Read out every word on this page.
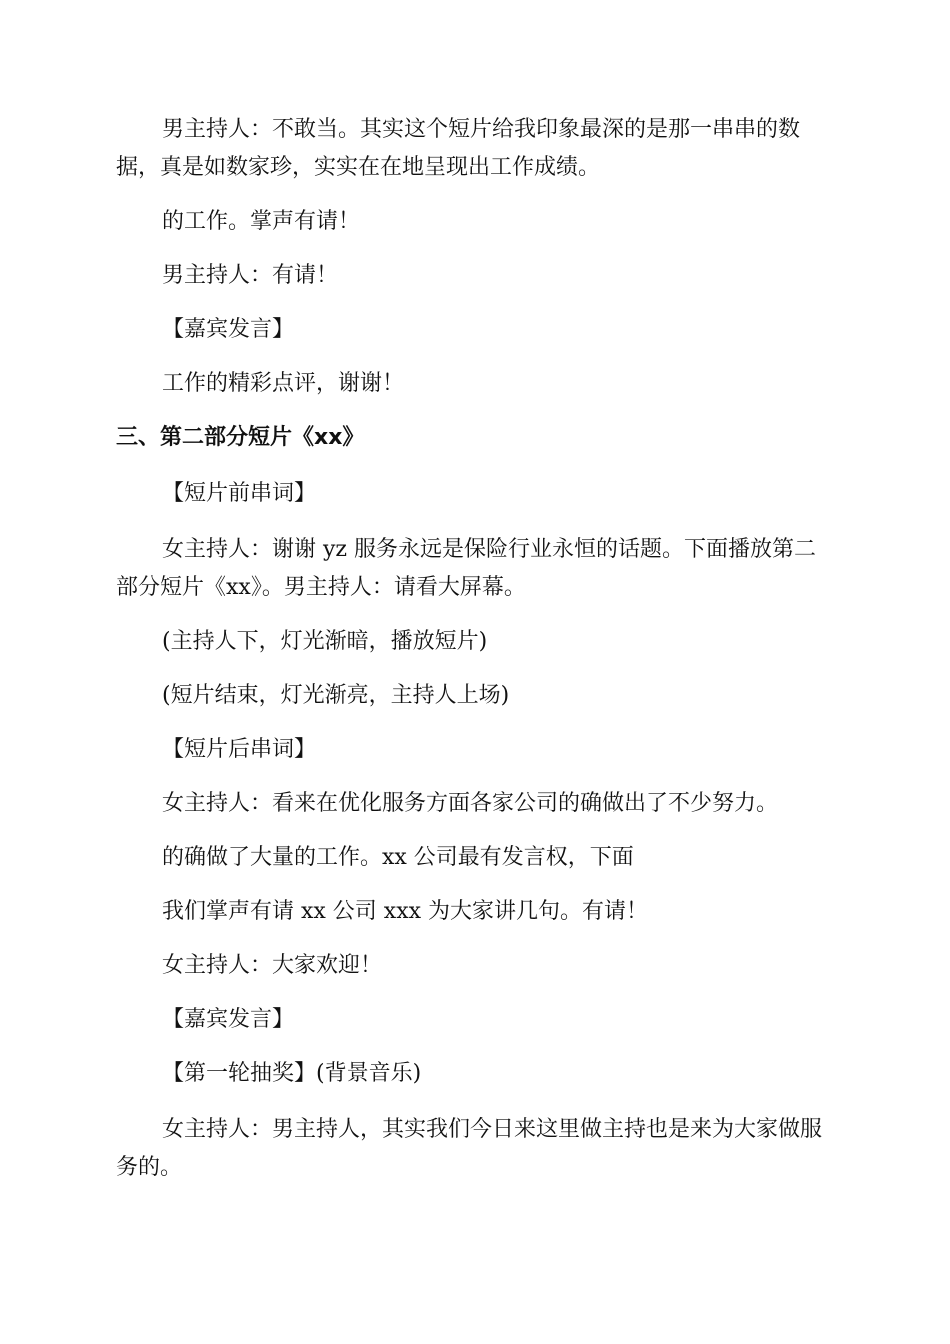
男主持人：不敢当。其实这个短片给我印象最深的是那一串串的数

据，真是如数家珍，实实在在地呈现出工作成绩。

的工作。掌声有请！

男主持人：有请！

【嘉宾发言】

工作的精彩点评，谢谢！

三、第二部分短片《xx》

【短片前串词】

女主持人：谢谢 yz 服务永远是保险行业永恒的话题。下面播放第二

部分短片《xx》。男主持人：请看大屏幕。

(主持人下，灯光渐暗，播放短片)

(短片结束，灯光渐亮，主持人上场)

【短片后串词】

女主持人：看来在优化服务方面各家公司的确做出了不少努力。

的确做了大量的工作。xx 公司最有发言权，下面

我们掌声有请 xx 公司 xxx 为大家讲几句。有请！

女主持人：大家欢迎！

【嘉宾发言】

【第一轮抽奖】(背景音乐)

女主持人：男主持人，其实我们今日来这里做主持也是来为大家做服

务的。
